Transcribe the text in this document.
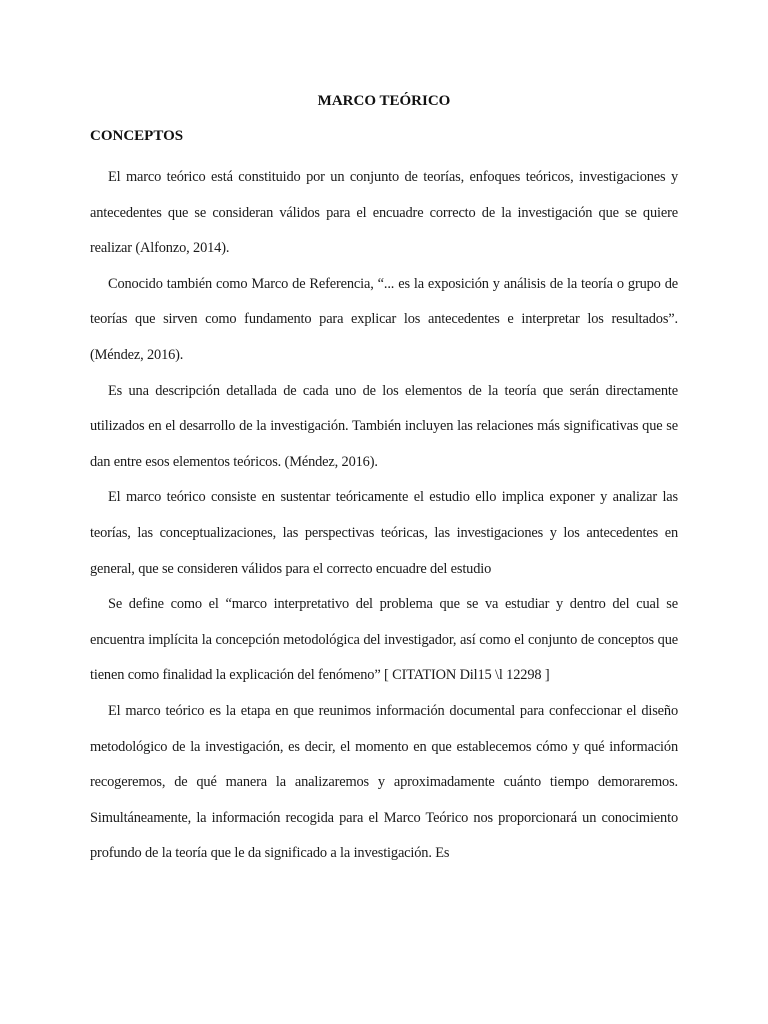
MARCO TEÓRICO
CONCEPTOS

El marco teórico está constituido por un conjunto de teorías, enfoques teóricos, investigaciones y antecedentes que se consideran válidos para el encuadre correcto de la investigación que se quiere realizar (Alfonzo, 2014).

Conocido también como Marco de Referencia, “... es la exposición y análisis de la teoría o grupo de teorías que sirven como fundamento para explicar los antecedentes e interpretar los resultados”. (Méndez, 2016).

Es una descripción detallada de cada uno de los elementos de la teoría que serán directamente utilizados en el desarrollo de la investigación. También incluyen las relaciones más significativas que se dan entre esos elementos teóricos. (Méndez, 2016).

El marco teórico consiste en sustentar teóricamente el estudio ello implica exponer y analizar las teorías, las conceptualizaciones, las perspectivas teóricas, las investigaciones y los antecedentes en general, que se consideren válidos para el correcto encuadre del estudio

Se define como el “marco interpretativo del problema que se va estudiar y dentro del cual se encuentra implícita la concepción metodológica del investigador, así como el conjunto de conceptos que tienen como finalidad la explicación del fenómeno” [ CITATION Dil15 \l 12298 ]

El marco teórico es la etapa en que reunimos información documental para confeccionar el diseño metodológico de la investigación, es decir, el momento en que establecemos cómo y qué información recogeremos, de qué manera la analizaremos y aproximadamente cuánto tiempo demoraremos. Simultáneamente, la información recogida para el Marco Teórico nos proporcionará un conocimiento profundo de la teoría que le da significado a la investigación. Es
